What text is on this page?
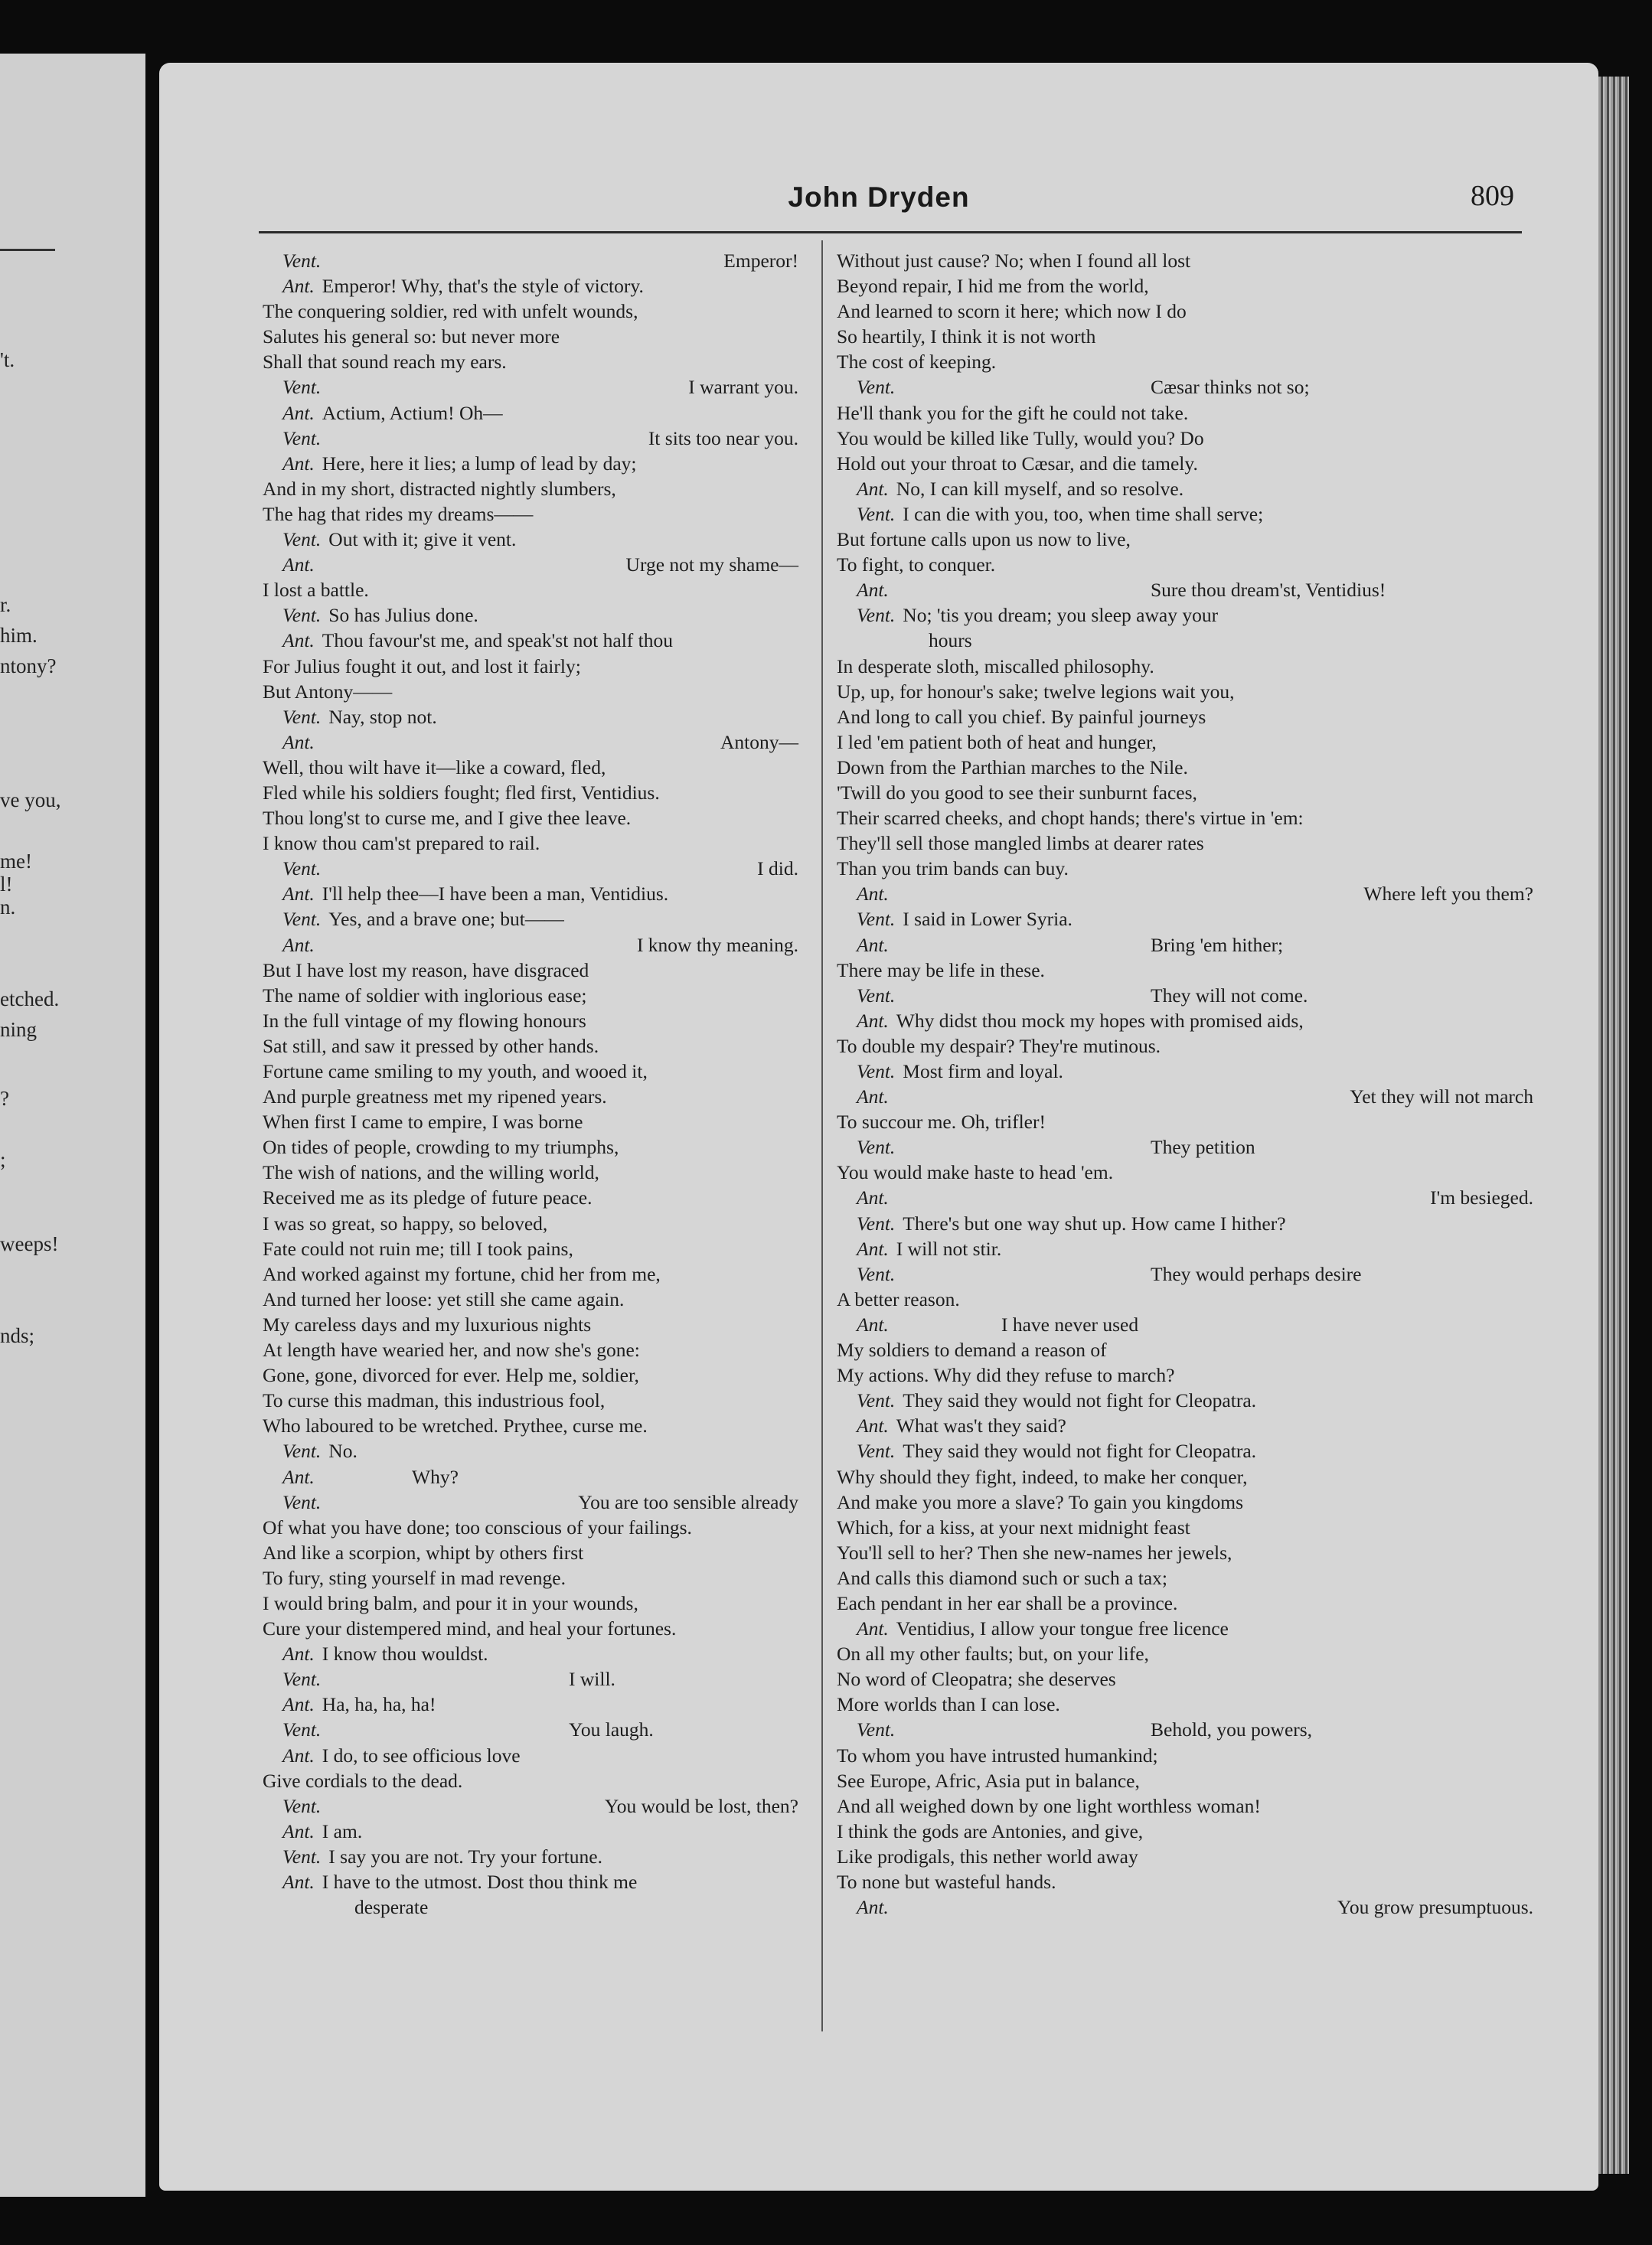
't.
r.
him.
ntony?
ve you,
me!
l!
n.
etched.
ning
?
;
weeps!
nds;
John Dryden	809
Vent.	Emperor!
Ant. Emperor! Why, that's the style of victory.
The conquering soldier, red with unfelt wounds,
Salutes his general so: but never more
Shall that sound reach my ears.
Vent.	I warrant you.
Ant. Actium, Actium! Oh—
Vent.	It sits too near you.
Ant. Here, here it lies; a lump of lead by day;
And in my short, distracted nightly slumbers,
The hag that rides my dreams——
Vent. Out with it; give it vent.
Ant.	Urge not my shame—
I lost a battle.
Vent. So has Julius done.
Ant. Thou favour'st me, and speak'st not half thou
For Julius fought it out, and lost it fairly;
But Antony——
Vent. Nay, stop not.
Ant.	Antony—
Well, thou wilt have it—like a coward, fled,
Fled while his soldiers fought; fled first, Ventidius.
Thou long'st to curse me, and I give thee leave.
I know thou cam'st prepared to rail.
Vent.	I did.
Ant. I'll help thee—I have been a man, Ventidius.
Vent. Yes, and a brave one; but——
Ant.	I know thy meaning.
But I have lost my reason, have disgraced
The name of soldier with inglorious ease;
In the full vintage of my flowing honours
Sat still, and saw it pressed by other hands.
Fortune came smiling to my youth, and wooed it,
And purple greatness met my ripened years.
When first I came to empire, I was borne
On tides of people, crowding to my triumphs,
The wish of nations, and the willing world,
Received me as its pledge of future peace.
I was so great, so happy, so beloved,
Fate could not ruin me; till I took pains,
And worked against my fortune, chid her from me,
And turned her loose: yet still she came again.
My careless days and my luxurious nights
At length have wearied her, and now she's gone:
Gone, gone, divorced for ever. Help me, soldier,
To curse this madman, this industrious fool,
Who laboured to be wretched. Prythee, curse me.
Vent. No.
Ant.	Why?
Vent.	You are too sensible already
Of what you have done; too conscious of your failings.
And like a scorpion, whipt by others first
To fury, sting yourself in mad revenge.
I would bring balm, and pour it in your wounds,
Cure your distempered mind, and heal your fortunes.
Ant. I know thou wouldst.
Vent.	I will.
Ant. Ha, ha, ha, ha!
Vent.	You laugh.
Ant. I do, to see officious love
Give cordials to the dead.
Vent.	You would be lost, then?
Ant. I am.
Vent. I say you are not. Try your fortune.
Ant. I have to the utmost. Dost thou think me
desperate
Without just cause? No; when I found all lost
Beyond repair, I hid me from the world,
And learned to scorn it here; which now I do
So heartily, I think it is not worth
The cost of keeping.
Vent.	Cæsar thinks not so;
He'll thank you for the gift he could not take.
You would be killed like Tully, would you? Do
Hold out your throat to Cæsar, and die tamely.
Ant. No, I can kill myself, and so resolve.
Vent. I can die with you, too, when time shall serve;
But fortune calls upon us now to live,
To fight, to conquer.
Ant.	Sure thou dream'st, Ventidius!
Vent. No; 'tis you dream; you sleep away your
hours
In desperate sloth, miscalled philosophy.
Up, up, for honour's sake; twelve legions wait you,
And long to call you chief. By painful journeys
I led 'em patient both of heat and hunger,
Down from the Parthian marches to the Nile.
'Twill do you good to see their sunburnt faces,
Their scarred cheeks, and chopt hands; there's virtue in 'em:
They'll sell those mangled limbs at dearer rates
Than you trim bands can buy.
Ant.	Where left you them?
Vent. I said in Lower Syria.
Ant.	Bring 'em hither;
There may be life in these.
Vent.	They will not come.
Ant. Why didst thou mock my hopes with promised aids,
To double my despair? They're mutinous.
Vent. Most firm and loyal.
Ant.	Yet they will not march
To succour me. Oh, trifler!
Vent.	They petition
You would make haste to head 'em.
Ant.	I'm besieged.
Vent. There's but one way shut up. How came I hither?
Ant. I will not stir.
Vent.	They would perhaps desire
A better reason.
Ant.	I have never used
My soldiers to demand a reason of
My actions. Why did they refuse to march?
Vent. They said they would not fight for Cleopatra.
Ant. What was't they said?
Vent. They said they would not fight for Cleopatra.
Why should they fight, indeed, to make her conquer,
And make you more a slave? To gain you kingdoms
Which, for a kiss, at your next midnight feast
You'll sell to her? Then she new-names her jewels,
And calls this diamond such or such a tax;
Each pendant in her ear shall be a province.
Ant. Ventidius, I allow your tongue free licence
On all my other faults; but, on your life,
No word of Cleopatra; she deserves
More worlds than I can lose.
Vent.	Behold, you powers,
To whom you have intrusted humankind;
See Europe, Afric, Asia put in balance,
And all weighed down by one light worthless woman!
I think the gods are Antonies, and give,
Like prodigals, this nether world away
To none but wasteful hands.
Ant.	You grow presumptuous.
